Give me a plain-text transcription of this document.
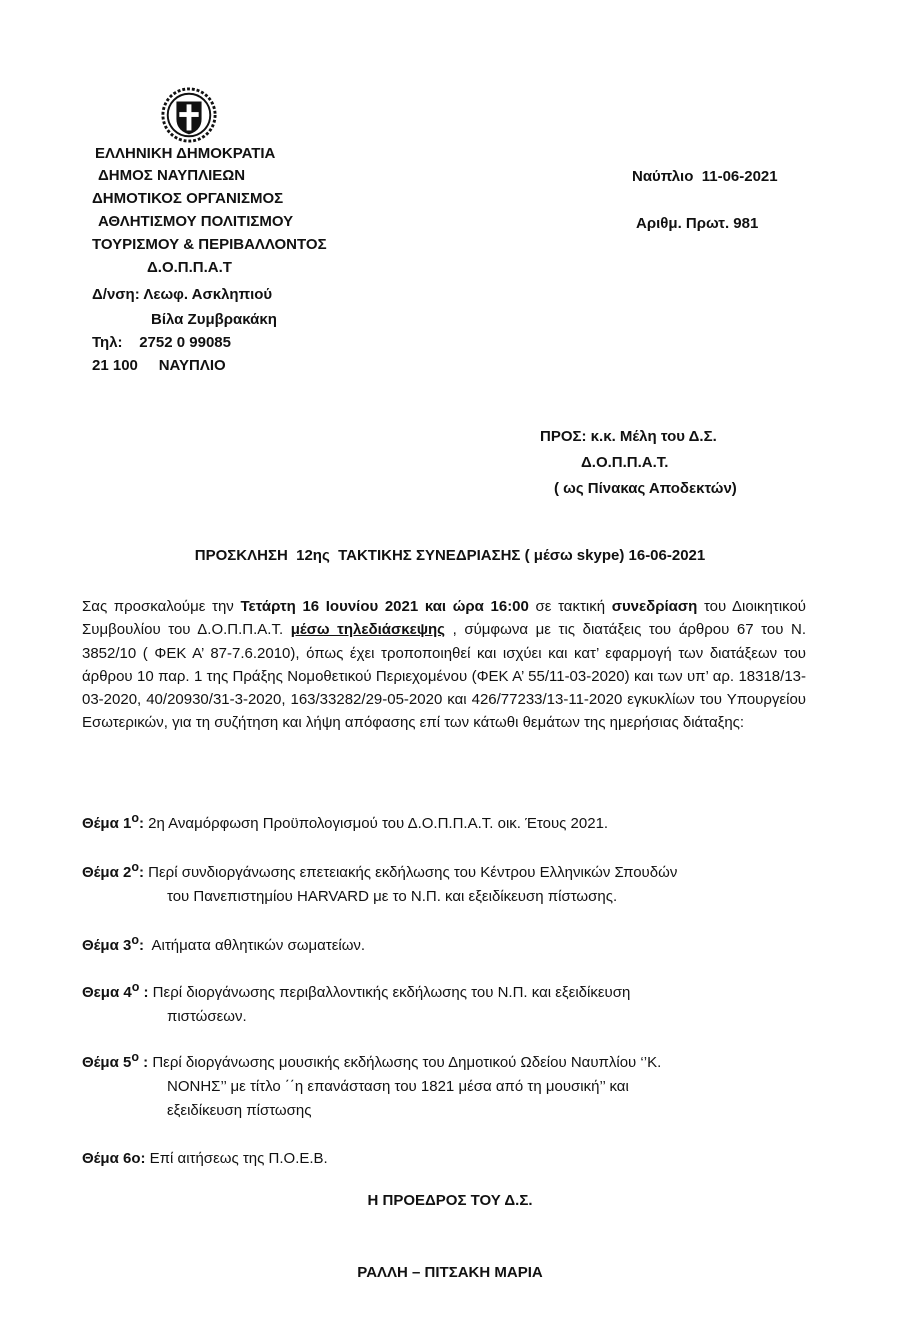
ΕΛΛΗΝΙΚΗ ΔΗΜΟΚΡΑΤΙΑ
ΔΗΜΟΣ ΝΑΥΠΛΙΕΩΝ
ΔΗΜΟΤΙΚΟΣ ΟΡΓΑΝΙΣΜΟΣ
ΑΘΛΗΤΙΣΜΟΥ ΠΟΛΙΤΙΣΜΟΥ
ΤΟΥΡΙΣΜΟΥ & ΠΕΡΙΒΑΛΛΟΝΤΟΣ
Δ.Ο.Π.Π.Α.Τ
Δ/νση: Λεωφ. Ασκληπιού
Βίλα Ζυμβρακάκη
Τηλ:    2752 0 99085
21 100     ΝΑΥΠΛΙΟ
Ναύπλιο  11-06-2021
Αριθμ. Πρωτ. 981
ΠΡΟΣ: κ.κ. Μέλη του Δ.Σ.
Δ.Ο.Π.Π.Α.Τ.
( ως Πίνακας Αποδεκτών)
ΠΡΟΣΚΛΗΣΗ  12ης  ΤΑΚΤΙΚΗΣ ΣΥΝΕΔΡΙΑΣΗΣ ( μέσω skype) 16-06-2021

Σας προσκαλούμε την Τετάρτη 16 Ιουνίου 2021 και ώρα 16:00 σε τακτική συνεδρίαση του Διοικητικού Συμβουλίου του Δ.Ο.Π.Π.Α.Τ. μέσω τηλεδιάσκεψης , σύμφωνα με τις διατάξεις του άρθρου 67 του Ν. 3852/10 ( ΦΕΚ Α’ 87-7.6.2010), όπως έχει τροποποιηθεί και ισχύει και κατ’ εφαρμογή των διατάξεων του άρθρου 10 παρ. 1 της Πράξης Νομοθετικού Περιεχομένου (ΦΕΚ Α’ 55/11-03-2020) και των υπ’ αρ. 18318/13-03-2020, 40/20930/31-3-2020, 163/33282/29-05-2020 και 426/77233/13-11-2020 εγκυκλίων του Υπουργείου Εσωτερικών, για τη συζήτηση και λήψη απόφασης επί των κάτωθι θεμάτων της ημερήσιας διάταξης:

Θέμα $1^o$: 2η Αναμόρφωση Προϋπολογισμού του Δ.Ο.Π.Π.Α.Τ. οικ. Έτους 2021.
Θέμα $2^o$: Περί συνδιοργάνωσης επετειακής εκδήλωσης του Κέντρου Ελληνικών Σπουδών
του Πανεπιστημίου HARVARD με το Ν.Π. και εξειδίκευση πίστωσης.
Θέμα $3^o$:  Αιτήματα αθλητικών σωματείων.
Θεμα $4^o$ : Περί διοργάνωσης περιβαλλοντικής εκδήλωσης του Ν.Π. και εξειδίκευση
πιστώσεων.
Θέμα $5^o$ : Περί διοργάνωσης μουσικής εκδήλωσης του Δημοτικού Ωδείου Ναυπλίου ‘’Κ.
ΝΟΝΗΣ’’ με τίτλο ΄΄η επανάσταση του 1821 μέσα από τη μουσική’’ και
εξειδίκευση πίστωσης
Θέμα 6ο: Επί αιτήσεως της Π.Ο.Ε.Β.
Η ΠΡΟΕΔΡΟΣ ΤΟΥ Δ.Σ.
ΡΑΛΛΗ – ΠΙΤΣΑΚΗ ΜΑΡΙΑ
